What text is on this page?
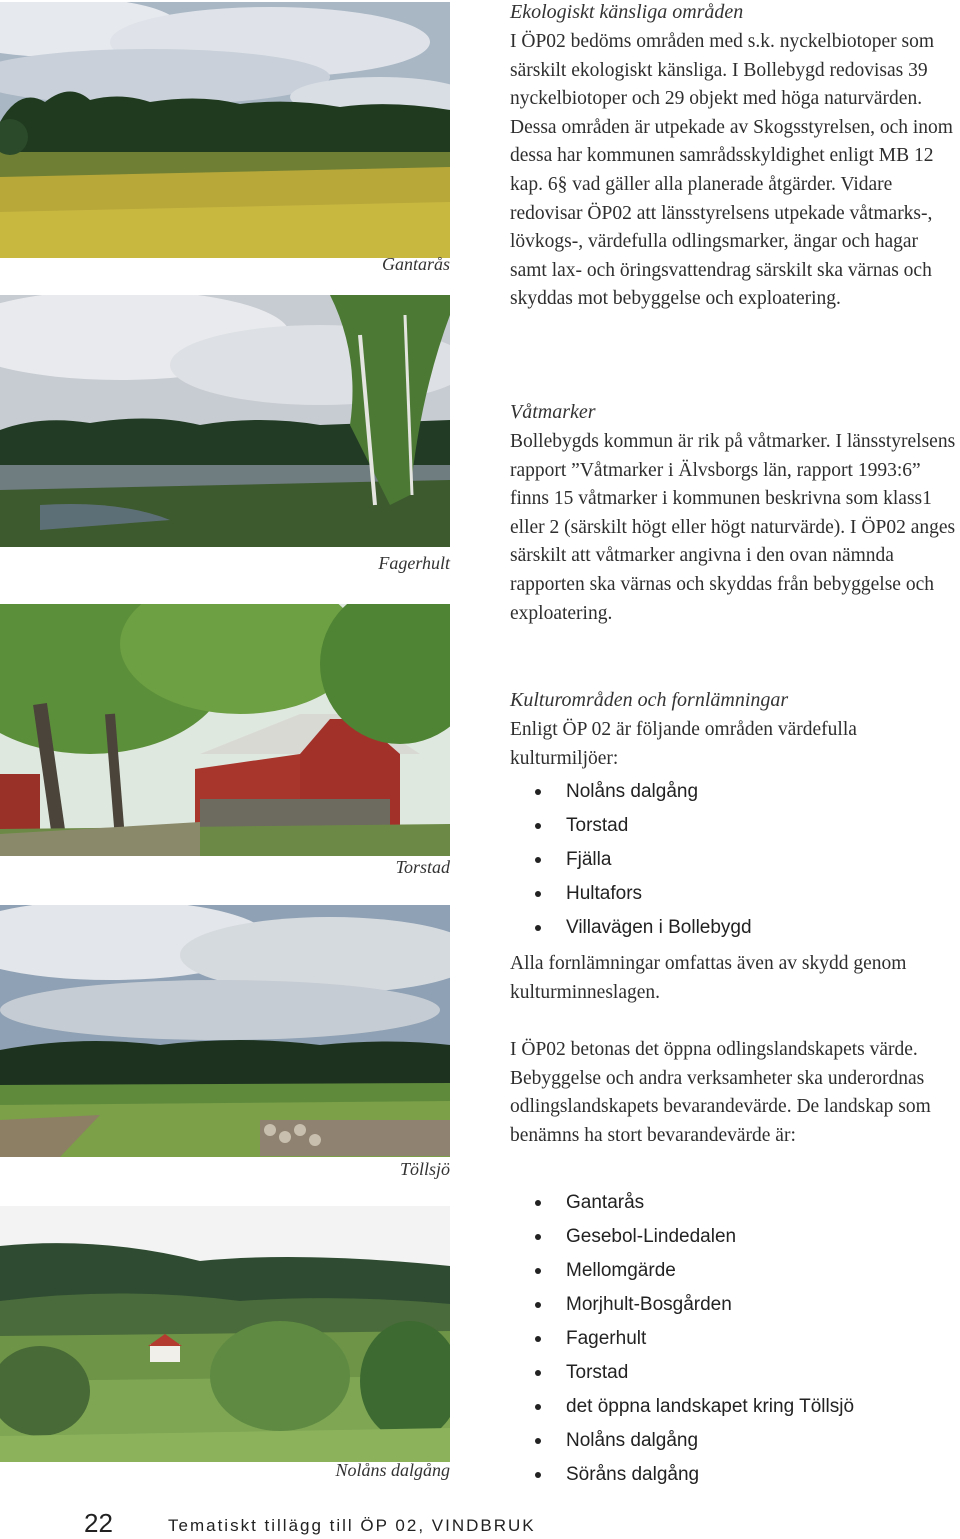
Gantarås
Fagerhult
Torstad
Töllsjö
Nolåns dalgång
Ekologiskt känsliga områden

I ÖP02 bedöms områden med s.k. nyckelbiotoper som särskilt ekologiskt känsliga. I Bollebygd redovisas 39 nyckelbiotoper och 29 objekt med höga naturvärden. Dessa områden är utpekade av Skogsstyrelsen, och inom dessa har kommunen samrådsskyldighet enligt MB 12 kap. 6§ vad gäller alla planerade åtgärder. Vidare redovisar ÖP02 att länsstyrelsens utpekade våtmarks-, lövkogs-, värdefulla odlingsmarker, ängar och hagar samt lax- och öringsvattendrag särskilt ska värnas och skyddas mot bebyggelse och exploatering.

Våtmarker

Bollebygds kommun är rik på våtmarker. I länsstyrelsens rapport ”Våtmarker i Älvsborgs län, rapport 1993:6” finns 15 våtmarker i kommunen beskrivna som klass1 eller 2 (särskilt högt eller högt naturvärde). I ÖP02 anges särskilt att våtmarker angivna i den ovan nämnda rapporten ska värnas och skyddas från bebyggelse och exploatering.

Kulturområden och fornlämningar

Enligt ÖP 02 är följande områden värdefulla kulturmiljöer:

Nolåns dalgång
Torstad
Fjälla
Hultafors
Villavägen i Bollebygd

Alla fornlämningar omfattas även av skydd genom kulturminneslagen.

I ÖP02 betonas det öppna odlingslandskapets värde. Bebyggelse och andra verksamheter ska underordnas odlingslandskapets bevarandevärde. De landskap som benämns ha stort bevarandevärde är:

Gantarås
Gesebol-Lindedalen
Mellomgärde
Morjhult-Bosgården
Fagerhult
Torstad
det öppna landskapet kring Töllsjö
Nolåns dalgång
Söråns dalgång
22	Tematiskt tillägg till ÖP 02, VINDBRUK
